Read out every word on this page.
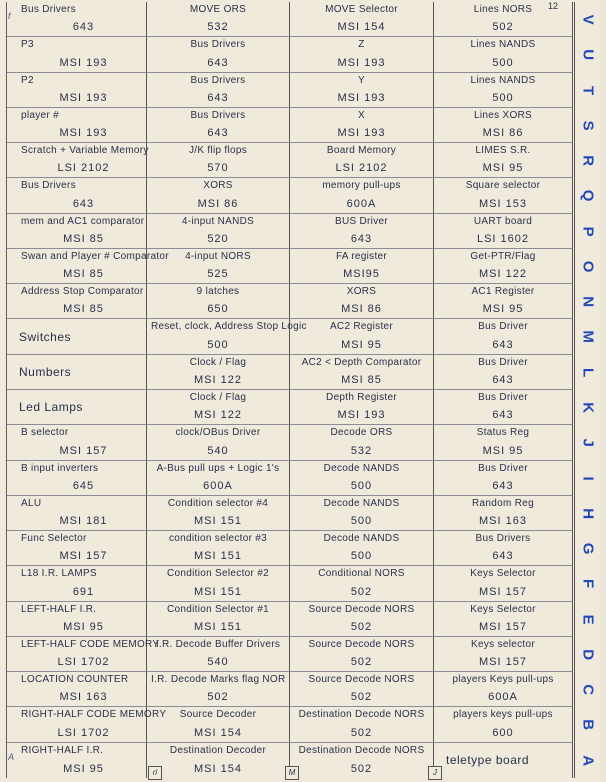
12
Bus Drivers
643
f
MOVE ORS
532
MOVE Selector
MSI 154
Lines NORS
502
P3
MSI 193
Bus Drivers
643
Z
MSI 193
Lines NANDS
500
P2
MSI 193
Bus Drivers
643
Y
MSI 193
Lines NANDS
500
player #
MSI 193
Bus Drivers
643
X
MSI 193
Lines XORS
MSI 86
Scratch + Variable Memory
LSI 2102
J/K flip flops
570
Board Memory
LSI 2102
LIMES S.R.
MSI 95
Bus Drivers
643
XORS
MSI 86
memory pull-ups
600A
Square selector
MSI 153
mem and AC1 comparator
MSI 85
4-input NANDS
520
BUS Driver
643
UART board
LSI 1602
Swan and Player # Comparator
MSI 85
4-input NORS
525
FA register
MSI95
Get-PTR/Flag
MSI 122
Address Stop Comparator
MSI 85
9 latches
650
XORS
MSI 86
AC1 Register
MSI 95
Switches
Reset, clock, Address Stop Logic
500
AC2 Register
MSI 95
Bus Driver
643
Numbers
Clock / Flag
MSI 122
AC2 < Depth Comparator
MSI 85
Bus Driver
643
Led Lamps
Clock / Flag
MSI 122
Depth Register
MSI 193
Bus Driver
643
B selector
MSI 157
clock/OBus Driver
540
Decode ORS
532
Status Reg
MSI 95
B input inverters
645
A-Bus pull ups + Logic 1's
600A
Decode NANDS
500
Bus Driver
643
ALU
MSI 181
Condition selector #4
MSI 151
Decode NANDS
500
Random Reg
MSI 163
Func Selector
MSI 157
condition selector #3
MSI 151
Decode NANDS
500
Bus Drivers
643
L18 I.R. LAMPS
691
Condition Selector #2
MSI 151
Conditional NORS
502
Keys Selector
MSI 157
LEFT-HALF I.R.
MSI 95
Condition Selector #1
MSI 151
Source Decode NORS
502
Keys Selector
MSI 157
LEFT-HALF CODE MEMORY
LSI 1702
I.R. Decode Buffer Drivers
540
Source Decode NORS
502
Keys selector
MSI 157
LOCATION COUNTER
MSI 163
I.R. Decode Marks flag NOR
502
Source Decode NORS
502
players Keys pull-ups
600A
RIGHT-HALF CODE MEMORY
LSI 1702
Source Decoder
MSI 154
Destination Decode NORS
502
players keys pull-ups
600
RIGHT-HALF I.R.
MSI 95
A
Destination Decoder
MSI 154
Destination Decode NORS
502
teletype board
V
U
T
S
R
Q
P
O
N
M
L
K
J
I
H
G
F
E
D
C
B
A
ri	M	J
